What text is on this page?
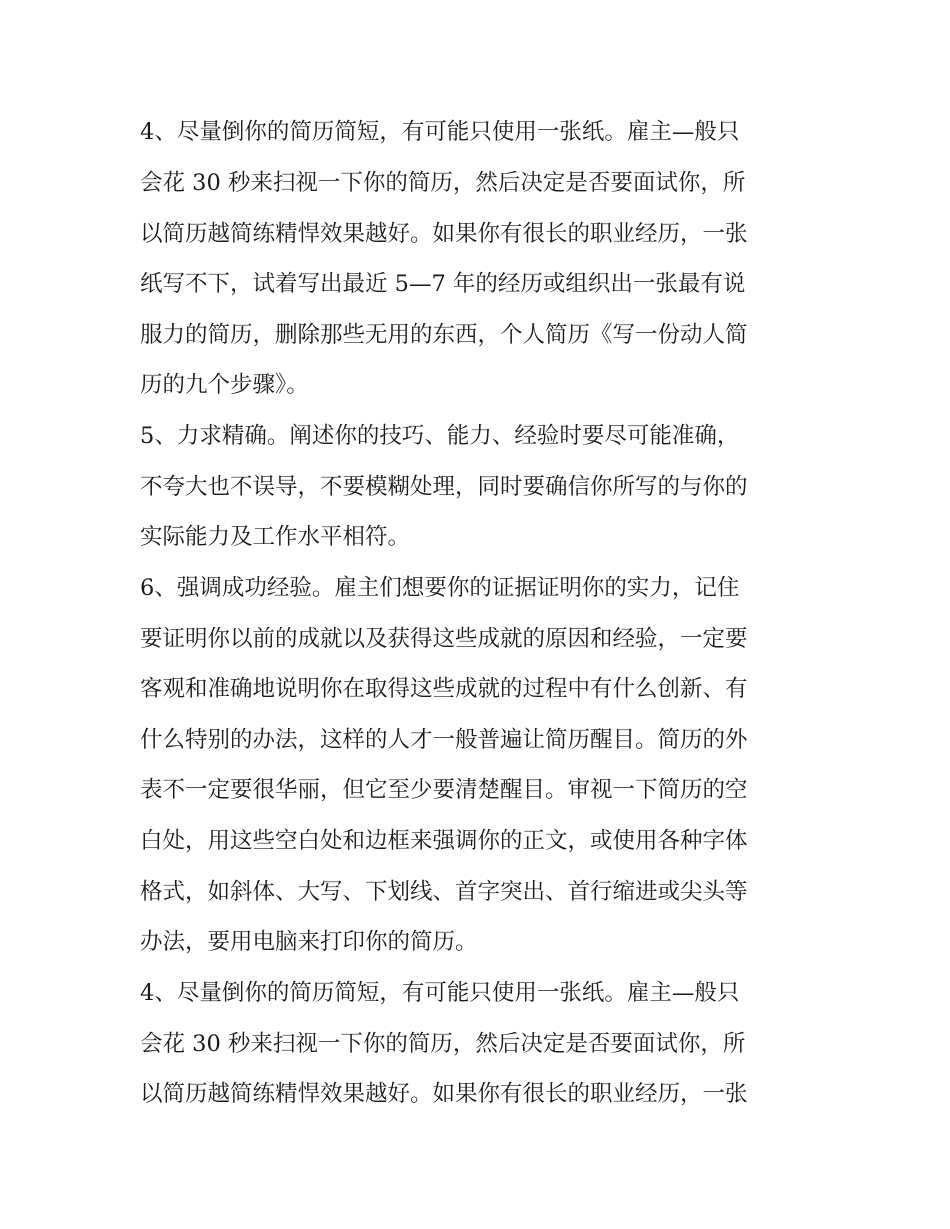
4、尽量倒你的简历简短，有可能只使用一张纸。雇主—般只
会花 30 秒来扫视一下你的简历，然后决定是否要面试你，所
以简历越简练精悍效果越好。如果你有很长的职业经历，一张
纸写不下，试着写出最近 5—7 年的经历或组织出一张最有说
服力的简历，删除那些无用的东西，个人简历《写一份动人简
历的九个步骤》。
5、力求精确。阐述你的技巧、能力、经验时要尽可能准确，
不夸大也不误导，不要模糊处理，同时要确信你所写的与你的
实际能力及工作水平相符。
6、强调成功经验。雇主们想要你的证据证明你的实力，记住
要证明你以前的成就以及获得这些成就的原因和经验，一定要
客观和准确地说明你在取得这些成就的过程中有什么创新、有
什么特别的办法，这样的人才一般普遍让简历醒目。简历的外
表不一定要很华丽，但它至少要清楚醒目。审视一下简历的空
白处，用这些空白处和边框来强调你的正文，或使用各种字体
格式，如斜体、大写、下划线、首字突出、首行缩进或尖头等
办法，要用电脑来打印你的简历。
4、尽量倒你的简历简短，有可能只使用一张纸。雇主—般只
会花 30 秒来扫视一下你的简历，然后决定是否要面试你，所
以简历越简练精悍效果越好。如果你有很长的职业经历，一张
